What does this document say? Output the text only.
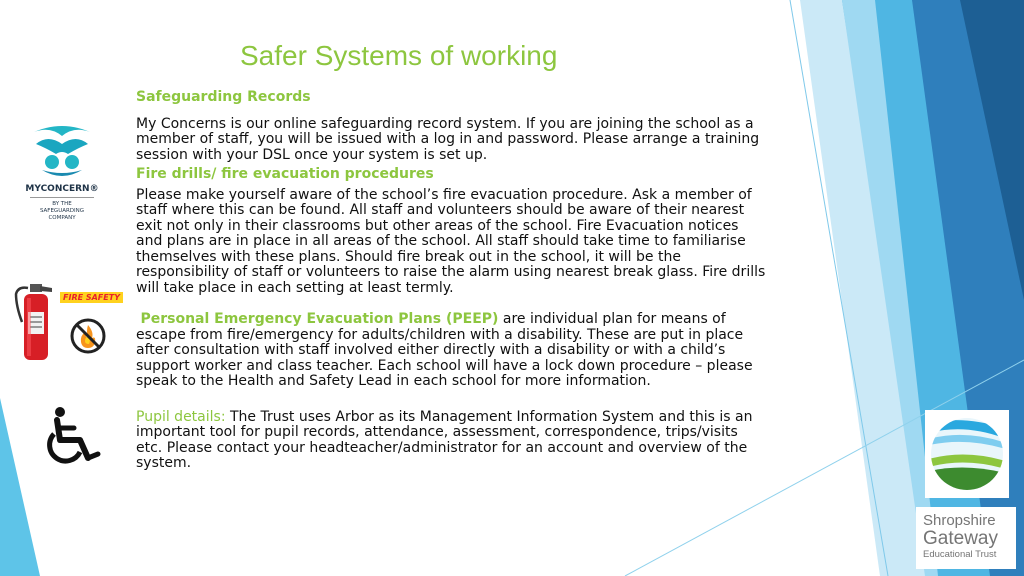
Safer Systems of working
MYCONCERN®
BY THE
SAFEGUARDING
COMPANY
FIRE SAFETY

Safeguarding Records

My Concerns is our online safeguarding record system. If you are joining the school as a member of staff, you will be issued with a log in and password. Please arrange a training session with your DSL once your system is set up.

Fire drills/ fire evacuation procedures

Please make yourself aware of the school’s fire evacuation procedure. Ask a member of staff where this can be found. All staff and volunteers should be aware of their nearest exit not only in their classrooms but other areas of the school. Fire Evacuation notices and plans are in place in all areas of the school. All staff should take time to familiarise themselves with these plans. Should fire break out in the school, it will be the responsibility of staff or volunteers to raise the alarm using nearest break glass. Fire drills will take place in each setting at least termly.

Personal Emergency Evacuation Plans (PEEP) are individual plan for means of escape from fire/emergency for adults/children with a disability. These are put in place after consultation with staff involved either directly with a disability or with a child’s support worker and class teacher. Each school will have a lock down procedure – please speak to the Health and Safety Lead in each school for more information.

Pupil details: The Trust uses Arbor as its Management Information System and this is an important tool for pupil records, attendance, assessment, correspondence, trips/visits etc. Please contact your headteacher/administrator for an account and overview of the system.

Shropshire
Gateway
Educational Trust
